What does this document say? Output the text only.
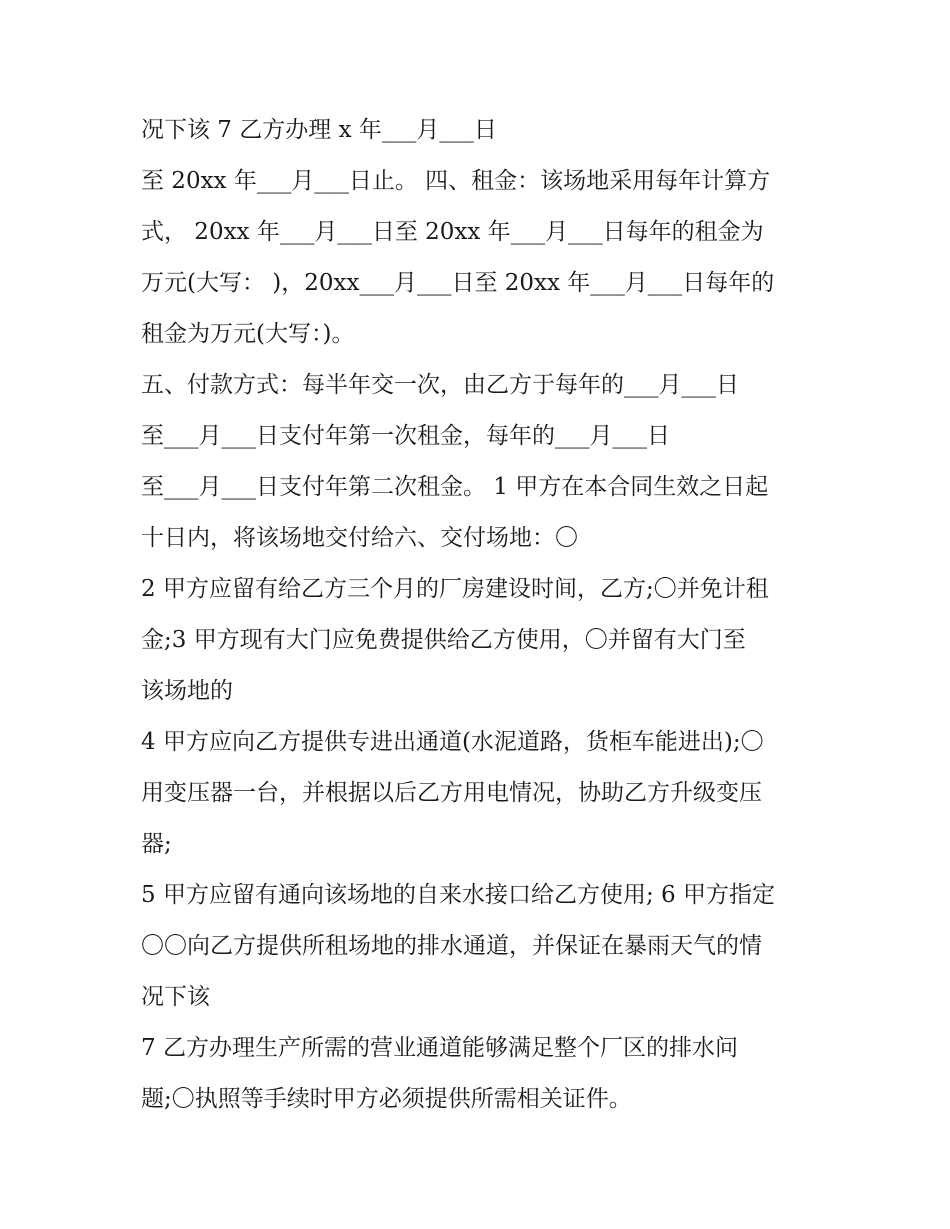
况下该 7 乙方办理 x 年___月___日
至 20xx 年___月___日止。 四、租金：该场地采用每年计算方
式， 20xx 年___月___日至 20xx 年___月___日每年的租金为
万元(大写： )，20xx___月___日至 20xx 年___月___日每年的
租金为万元(大写：)。
五、付款方式：每半年交一次，由乙方于每年的___月___日
至___月___日支付年第一次租金，每年的___月___日
至___月___日支付年第二次租金。 1 甲方在本合同生效之日起
十日内，将该场地交付给六、交付场地：〇
2 甲方应留有给乙方三个月的厂房建设时间，乙方;〇并免计租
金;3 甲方现有大门应免费提供给乙方使用，〇并留有大门至
该场地的
4 甲方应向乙方提供专进出通道(水泥道路，货柜车能进出);〇
用变压器一台，并根据以后乙方用电情况，协助乙方升级变压
器;
5 甲方应留有通向该场地的自来水接口给乙方使用; 6 甲方指定
〇〇向乙方提供所租场地的排水通道，并保证在暴雨天气的情
况下该
7 乙方办理生产所需的营业通道能够满足整个厂区的排水问
题;〇执照等手续时甲方必须提供所需相关证件。
